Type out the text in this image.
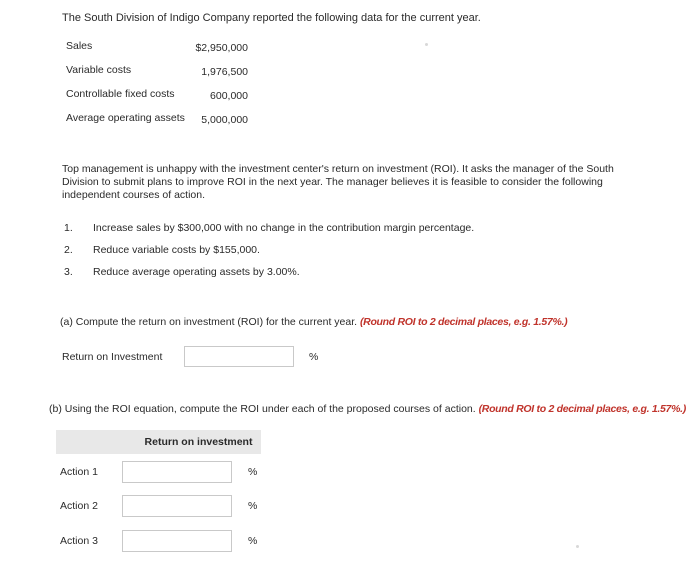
The South Division of Indigo Company reported the following data for the current year.
Sales	$2,950,000
Variable costs	1,976,500
Controllable fixed costs	600,000
Average operating assets 5,000,000
Top management is unhappy with the investment center's return on investment (ROI). It asks the manager of the South Division to submit plans to improve ROI in the next year. The manager believes it is feasible to consider the following independent courses of action.
1.	Increase sales by $300,000 with no change in the contribution margin percentage.
2.	Reduce variable costs by $155,000.
3.	Reduce average operating assets by 3.00%.
(a) Compute the return on investment (ROI) for the current year. (Round ROI to 2 decimal places, e.g. 1.57%.)
Return on Investment	%
(b) Using the ROI equation, compute the ROI under each of the proposed courses of action. (Round ROI to 2 decimal places, e.g. 1.57%.)
Return on investment
Action 1	%
Action 2	%
Action 3	%
